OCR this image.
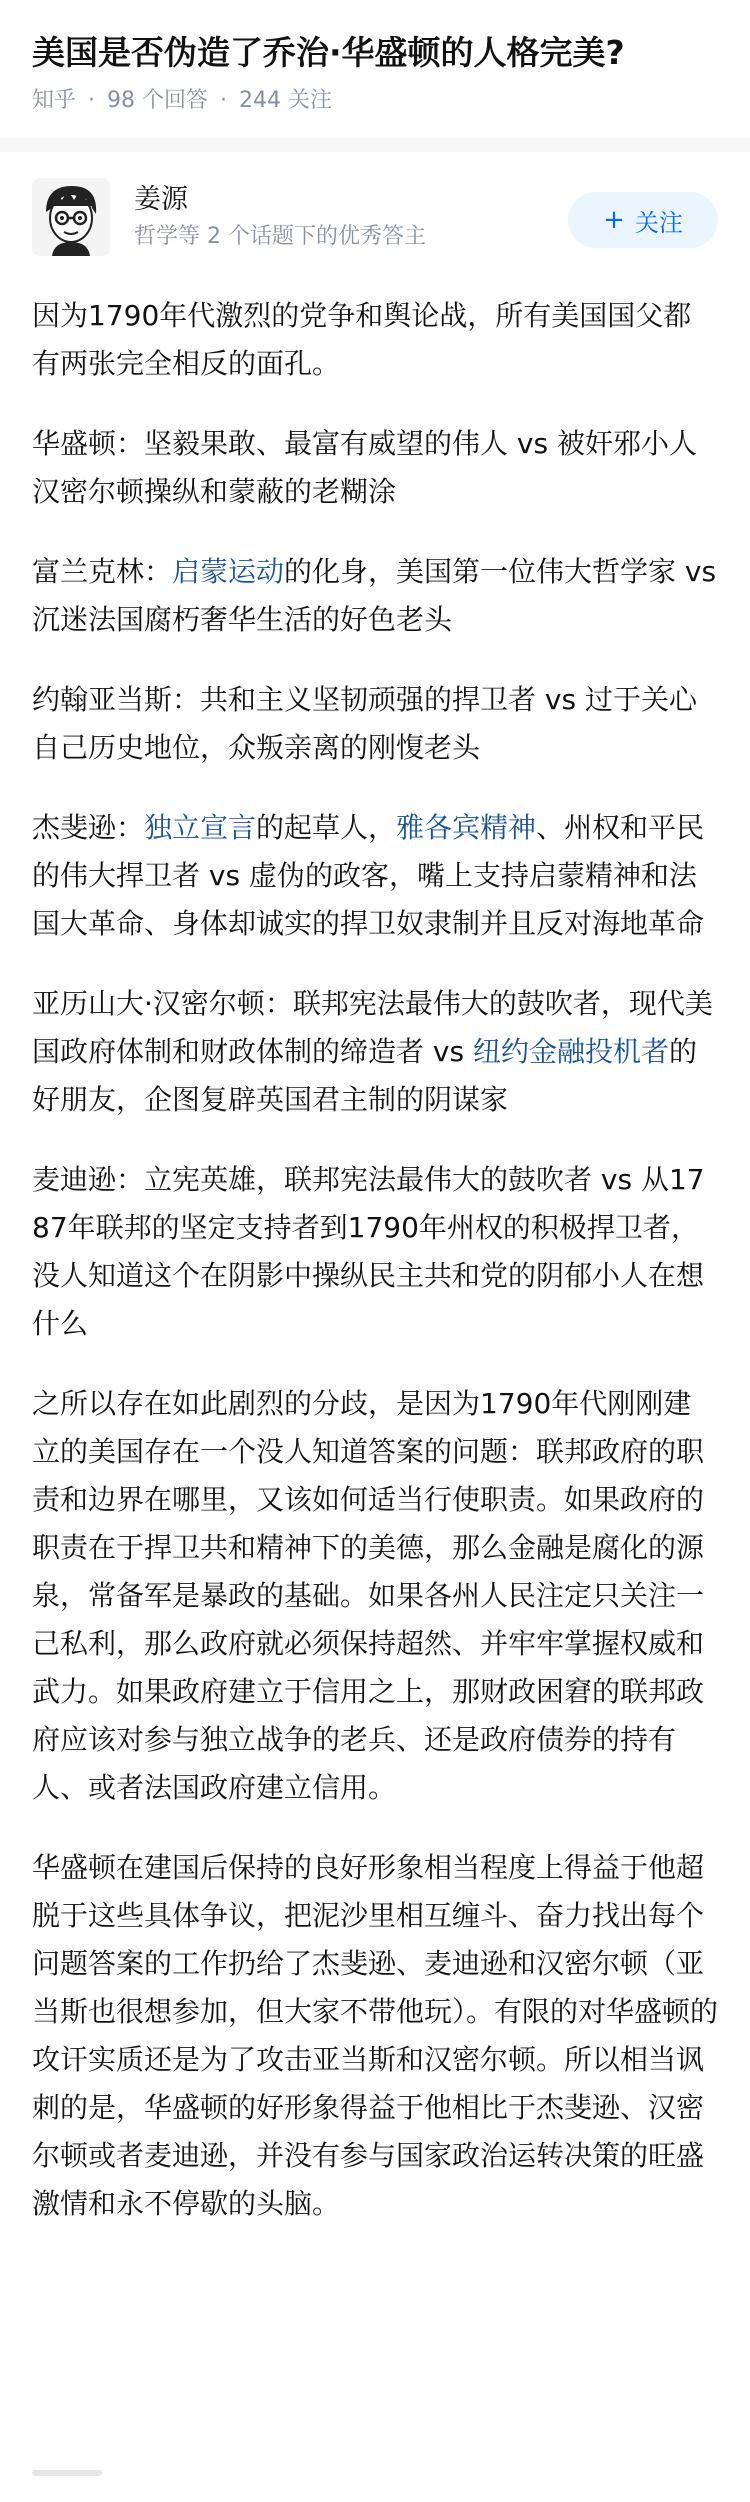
美国是否伪造了乔治·华盛顿的人格完美?
知乎 · 98 个回答 · 244 关注
姜源
哲学等 2 个话题下的优秀答主
+ 关注

因为1790年代激烈的党争和舆论战，所有美国国父都有两张完全相反的面孔。

华盛顿：坚毅果敢、最富有威望的伟人 vs 被奸邪小人汉密尔顿操纵和蒙蔽的老糊涂

富兰克林：启蒙运动的化身，美国第一位伟大哲学家 vs 沉迷法国腐朽奢华生活的好色老头

约翰亚当斯：共和主义坚韧顽强的捍卫者 vs 过于关心自己历史地位，众叛亲离的刚愎老头

杰斐逊：独立宣言的起草人，雅各宾精神、州权和平民的伟大捍卫者 vs 虚伪的政客，嘴上支持启蒙精神和法国大革命、身体却诚实的捍卫奴隶制并且反对海地革命

亚历山大·汉密尔顿：联邦宪法最伟大的鼓吹者，现代美国政府体制和财政体制的缔造者 vs 纽约金融投机者的好朋友，企图复辟英国君主制的阴谋家

麦迪逊：立宪英雄，联邦宪法最伟大的鼓吹者 vs 从1787年联邦的坚定支持者到1790年州权的积极捍卫者，没人知道这个在阴影中操纵民主共和党的阴郁小人在想什么

之所以存在如此剧烈的分歧，是因为1790年代刚刚建立的美国存在一个没人知道答案的问题：联邦政府的职责和边界在哪里，又该如何适当行使职责。如果政府的职责在于捍卫共和精神下的美德，那么金融是腐化的源泉，常备军是暴政的基础。如果各州人民注定只关注一己私利，那么政府就必须保持超然、并牢牢掌握权威和武力。如果政府建立于信用之上，那财政困窘的联邦政府应该对参与独立战争的老兵、还是政府债券的持有人、或者法国政府建立信用。

华盛顿在建国后保持的良好形象相当程度上得益于他超脱于这些具体争议，把泥沙里相互缠斗、奋力找出每个问题答案的工作扔给了杰斐逊、麦迪逊和汉密尔顿（亚当斯也很想参加，但大家不带他玩）。有限的对华盛顿的攻讦实质还是为了攻击亚当斯和汉密尔顿。所以相当讽刺的是，华盛顿的好形象得益于他相比于杰斐逊、汉密尔顿或者麦迪逊，并没有参与国家政治运转决策的旺盛激情和永不停歇的头脑。
